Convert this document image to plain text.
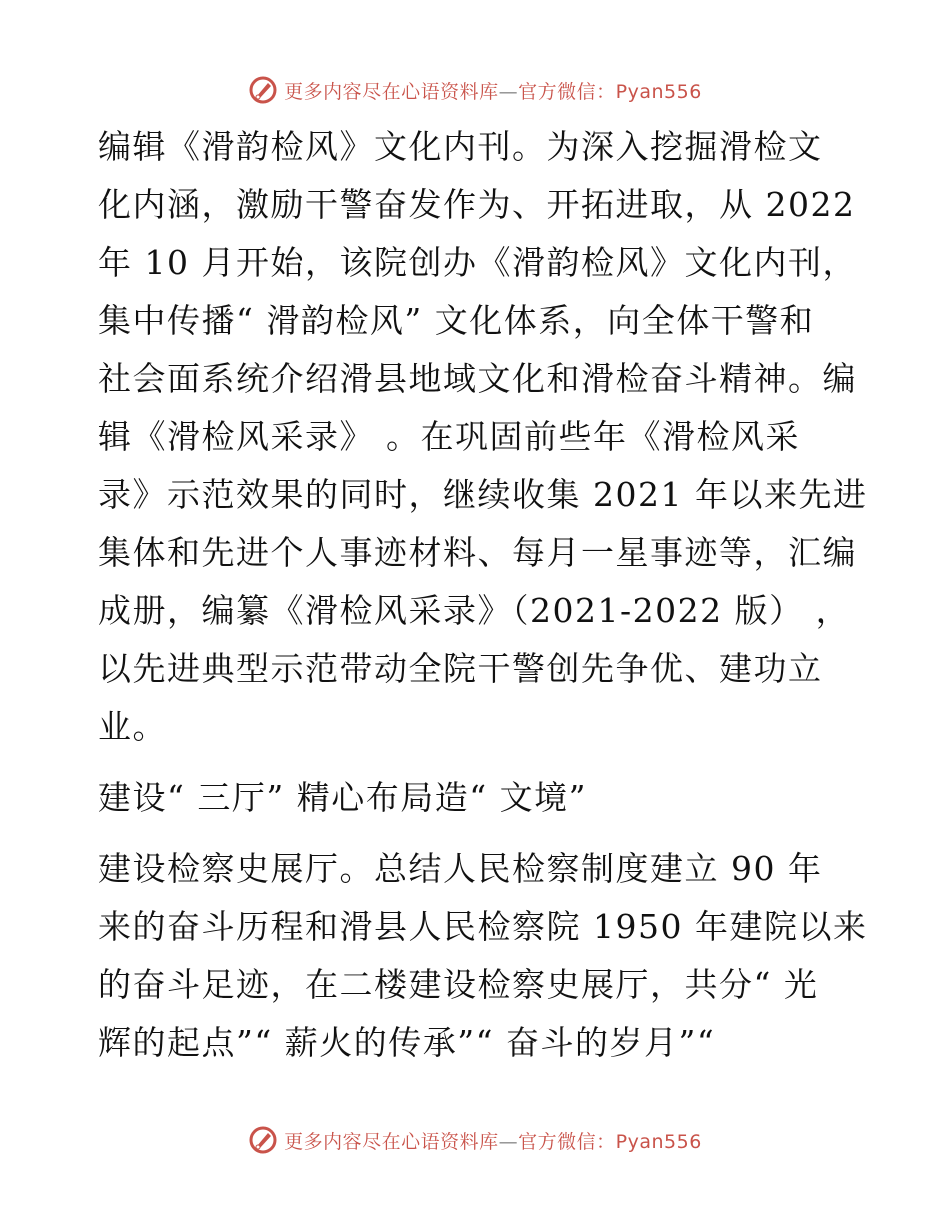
更多内容尽在心语资料库—官方微信：Pyan556
编辑《滑韵检风》文化内刊。为深入挖掘滑检文
化内涵，激励干警奋发作为、开拓进取，从 2022
年 10 月开始，该院创办《滑韵检风》文化内刊，
集中传播“ 滑韵检风” 文化体系，向全体干警和
社会面系统介绍滑县地域文化和滑检奋斗精神。编
辑《滑检风采录》 。在巩固前些年《滑检风采
录》示范效果的同时，继续收集 2021 年以来先进
集体和先进个人事迹材料、每月一星事迹等，汇编
成册，编纂《滑检风采录》（2021-2022 版） ，
以先进典型示范带动全院干警创先争优、建功立
业。
建设“ 三厅” 精心布局造“ 文境”
建设检察史展厅。总结人民检察制度建立 90 年
来的奋斗历程和滑县人民检察院 1950 年建院以来
的奋斗足迹，在二楼建设检察史展厅，共分“ 光
辉的起点”“ 薪火的传承”“ 奋斗的岁月”“
更多内容尽在心语资料库—官方微信：Pyan556
